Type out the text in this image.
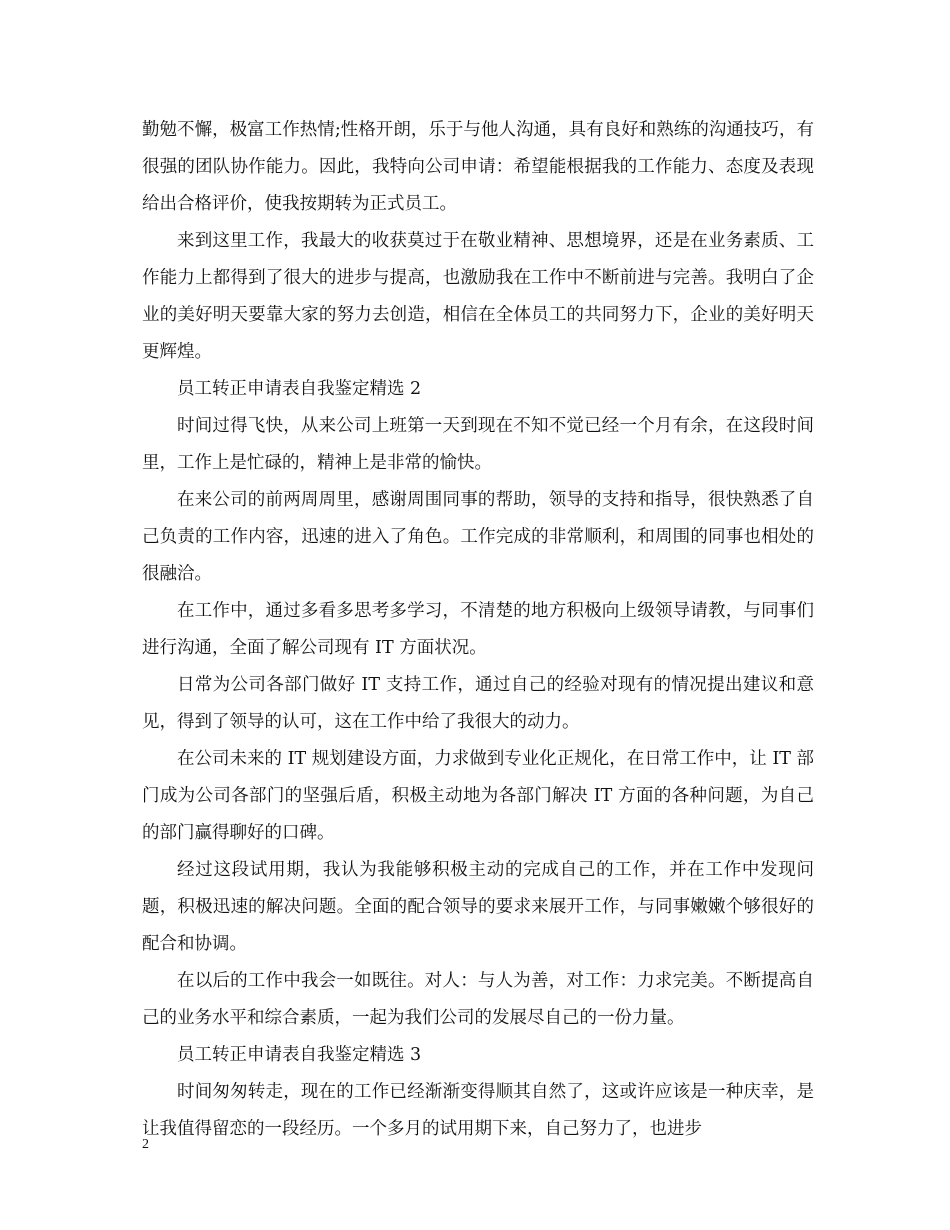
勤勉不懈，极富工作热情;性格开朗，乐于与他人沟通，具有良好和熟练的沟通技巧，有很强的团队协作能力。因此，我特向公司申请：希望能根据我的工作能力、态度及表现给出合格评价，使我按期转为正式员工。

来到这里工作，我最大的收获莫过于在敬业精神、思想境界，还是在业务素质、工作能力上都得到了很大的进步与提高，也激励我在工作中不断前进与完善。我明白了企业的美好明天要靠大家的努力去创造，相信在全体员工的共同努力下，企业的美好明天更辉煌。

员工转正申请表自我鉴定精选 2

时间过得飞快，从来公司上班第一天到现在不知不觉已经一个月有余，在这段时间里，工作上是忙碌的，精神上是非常的愉快。

在来公司的前两周周里，感谢周围同事的帮助，领导的支持和指导，很快熟悉了自己负责的工作内容，迅速的进入了角色。工作完成的非常顺利，和周围的同事也相处的很融洽。

在工作中，通过多看多思考多学习，不清楚的地方积极向上级领导请教，与同事们进行沟通，全面了解公司现有 IT 方面状况。

日常为公司各部门做好 IT 支持工作，通过自己的经验对现有的情况提出建议和意见，得到了领导的认可，这在工作中给了我很大的动力。

在公司未来的 IT 规划建设方面，力求做到专业化正规化，在日常工作中，让 IT 部门成为公司各部门的坚强后盾，积极主动地为各部门解决 IT 方面的各种问题，为自己的部门赢得聊好的口碑。

经过这段试用期，我认为我能够积极主动的完成自己的工作，并在工作中发现问题，积极迅速的解决问题。全面的配合领导的要求来展开工作，与同事嫩嫩个够很好的配合和协调。

在以后的工作中我会一如既往。对人：与人为善，对工作：力求完美。不断提高自己的业务水平和综合素质，一起为我们公司的发展尽自己的一份力量。

员工转正申请表自我鉴定精选 3

时间匆匆转走，现在的工作已经渐渐变得顺其自然了，这或许应该是一种庆幸，是让我值得留恋的一段经历。一个多月的试用期下来，自己努力了，也进步

2
